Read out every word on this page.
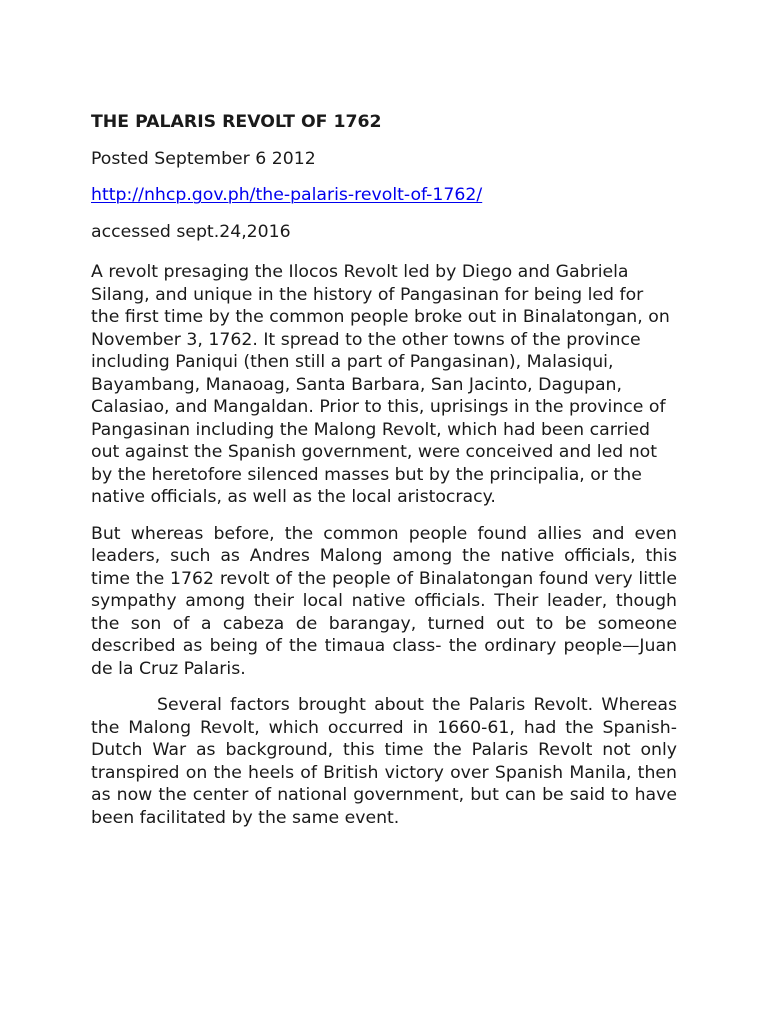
THE PALARIS REVOLT OF 1762

Posted September 6 2012

http://nhcp.gov.ph/the-palaris-revolt-of-1762/

accessed sept.24,2016

A revolt presaging the Ilocos Revolt led by Diego and Gabriela Silang, and unique in the history of Pangasinan for being led for the first time by the common people broke out in Binalatongan, on November 3, 1762. It spread to the other towns of the province including Paniqui (then still a part of Pangasinan), Malasiqui, Bayambang, Manaoag, Santa Barbara, San Jacinto, Dagupan, Calasiao, and Mangaldan. Prior to this, uprisings in the province of Pangasinan including the Malong Revolt, which had been carried out against the Spanish government, were conceived and led not by the heretofore silenced masses but by the principalia, or the native officials, as well as the local aristocracy.

But whereas before, the common people found allies and even leaders, such as Andres Malong among the native officials, this time the 1762 revolt of the people of Binalatongan found very little sympathy among their local native officials. Their leader, though the son of a cabeza de barangay, turned out to be someone described as being of the timaua class- the ordinary people—Juan de la Cruz Palaris.

Several factors brought about the Palaris Revolt. Whereas the Malong Revolt, which occurred in 1660-61, had the Spanish-Dutch War as background, this time the Palaris Revolt not only transpired on the heels of British victory over Spanish Manila, then as now the center of national government, but can be said to have been facilitated by the same event.
